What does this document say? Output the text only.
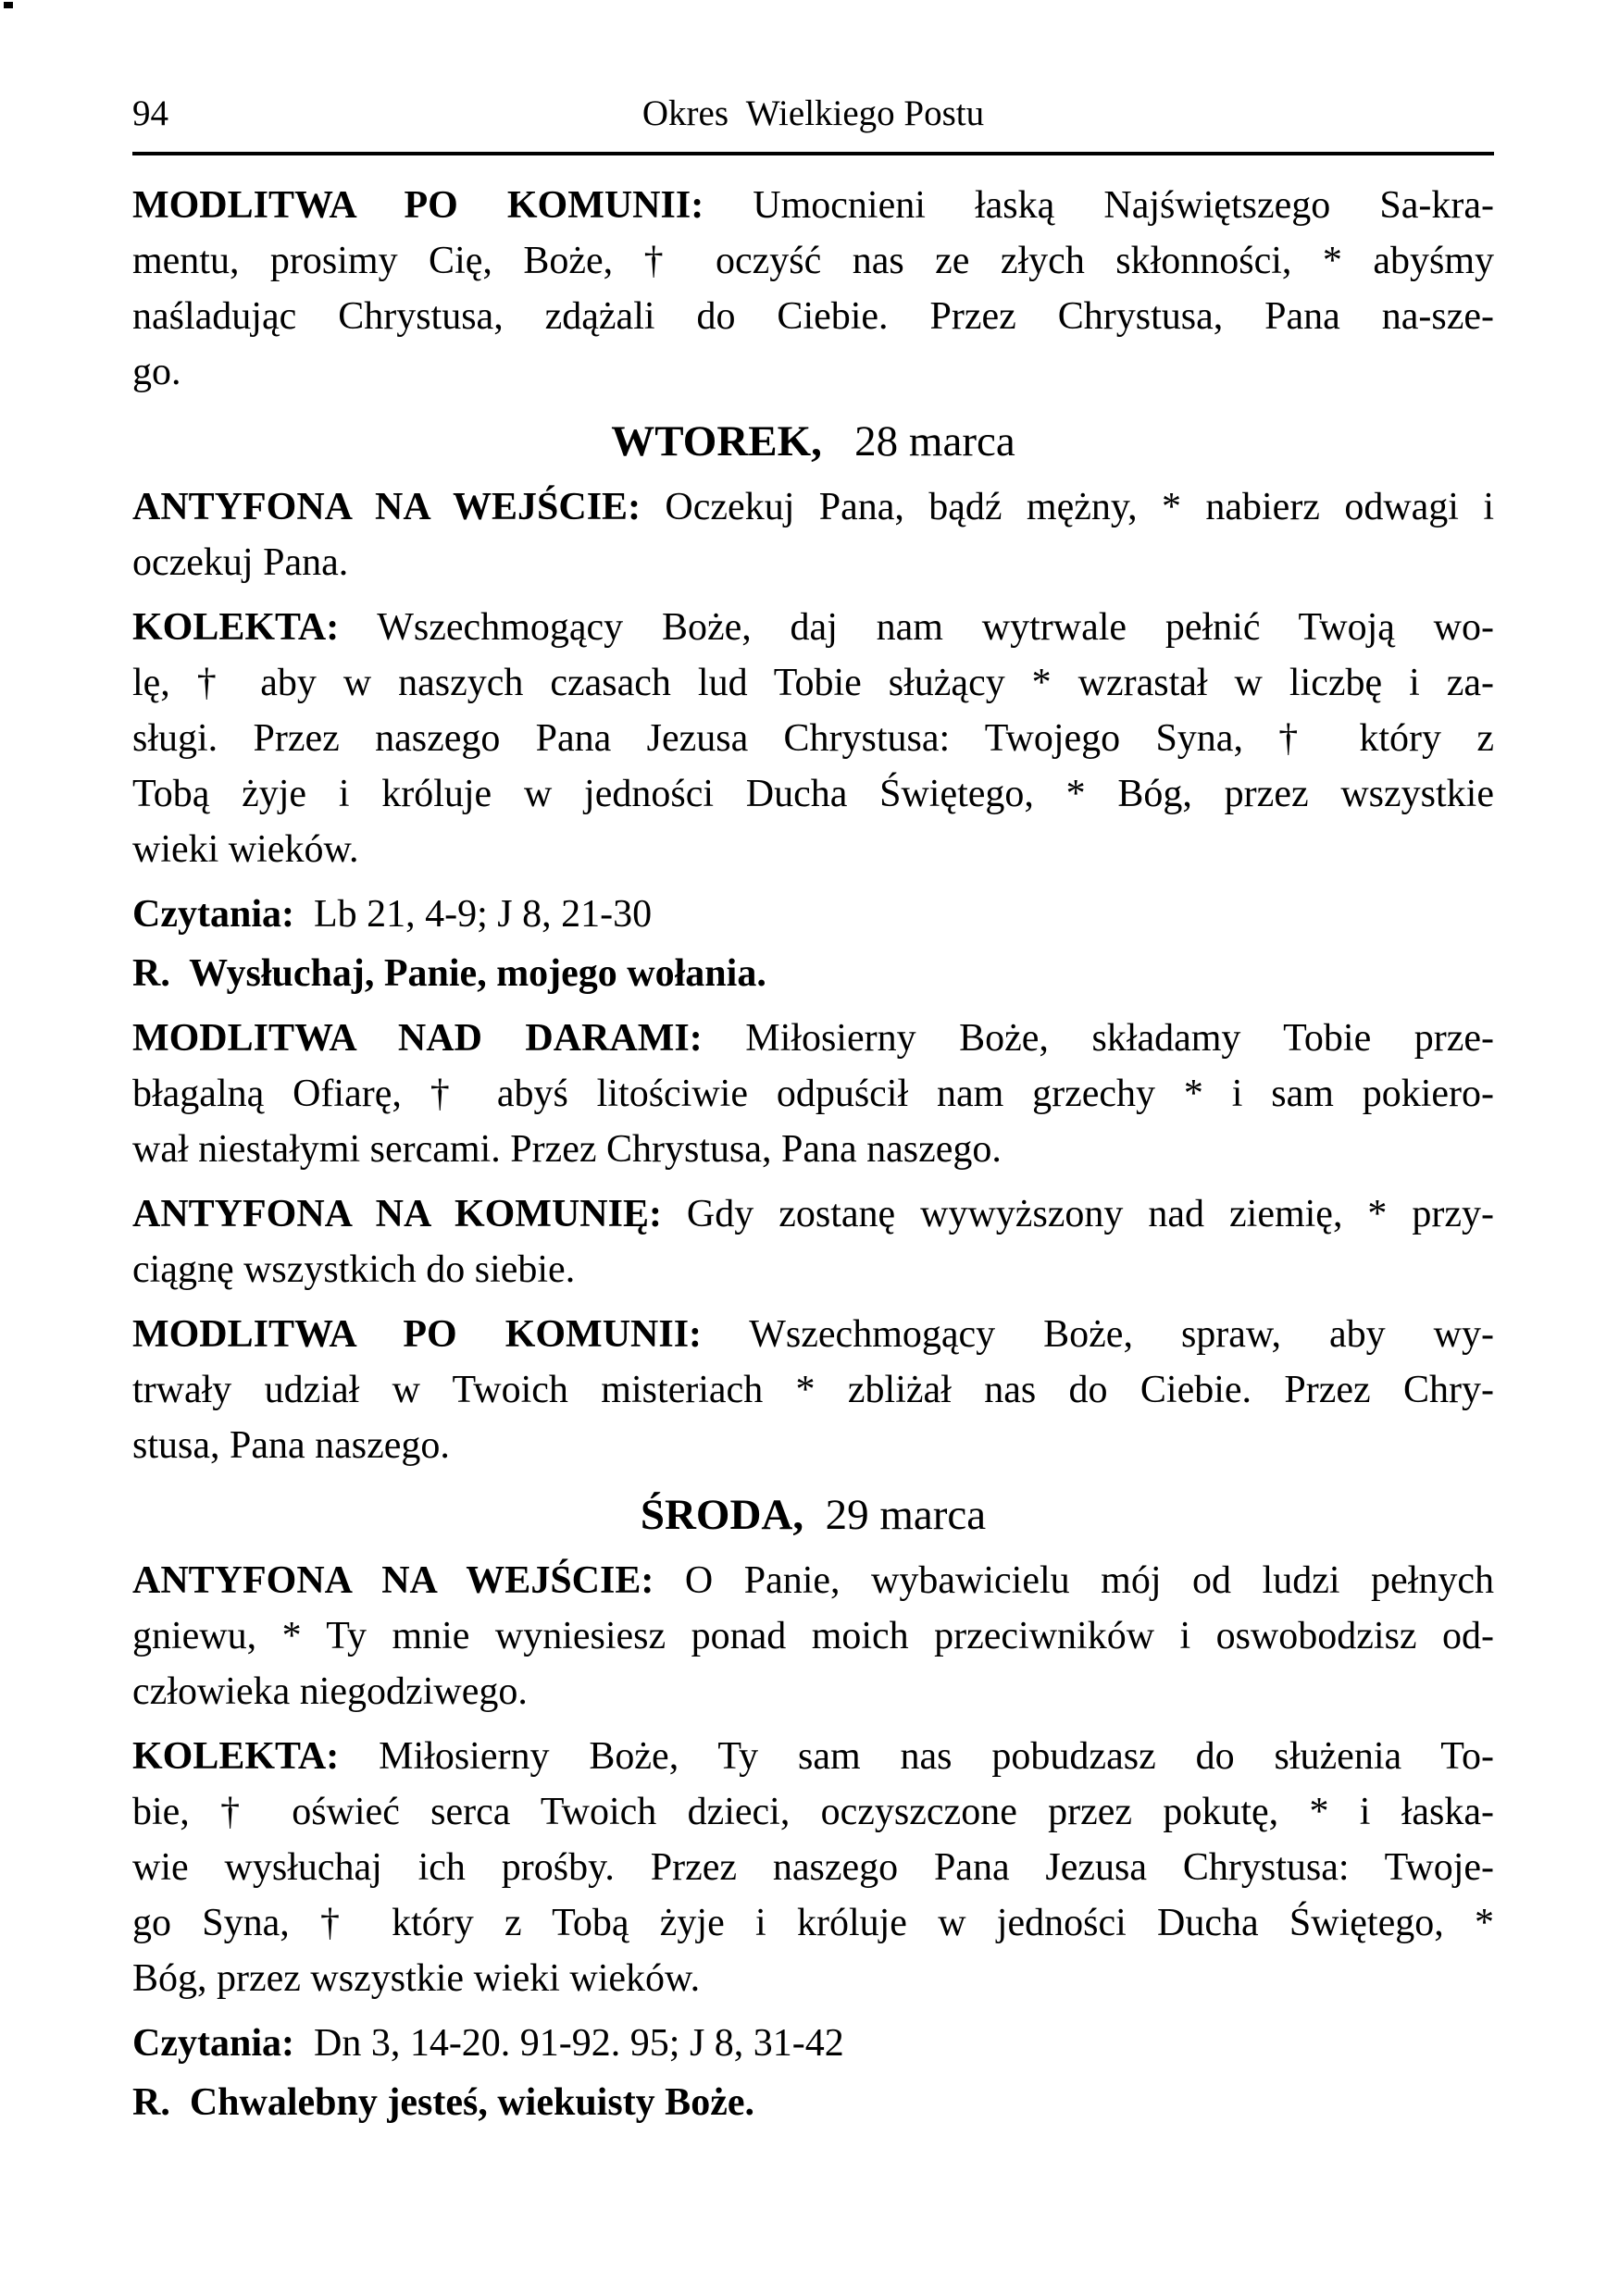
94	Okres  Wielkiego Postu
MODLITWA PO KOMUNII: Umocnieni łaską Najświętszego Sa-kra-
mentu, prosimy Cię, Boże, † oczyść nas ze złych skłonności, * abyśmy
naśladując Chrystusa, zdążali do Ciebie. Przez Chrystusa, Pana na-sze-
go.
WTOREK,   28 marca
ANTYFONA NA WEJŚCIE: Oczekuj Pana, bądź mężny, * nabierz odwagi i
oczekuj Pana.
KOLEKTA: Wszechmogący Boże, daj nam wytrwale pełnić Twoją wo-
lę, † aby w naszych czasach lud Tobie służący * wzrastał w liczbę i za-
sługi. Przez naszego Pana Jezusa Chrystusa: Twojego Syna, † który z
Tobą żyje i króluje w jedności Ducha Świętego, * Bóg, przez wszystkie
wieki wieków.
Czytania:  Lb 21, 4-9; J 8, 21-30
R.  Wysłuchaj, Panie, mojego wołania.
MODLITWA NAD DARAMI: Miłosierny Boże, składamy Tobie prze-
błagalną Ofiarę, † abyś litościwie odpuścił nam grzechy * i sam pokiero-
wał niestałymi sercami. Przez Chrystusa, Pana naszego.
ANTYFONA NA KOMUNIĘ: Gdy zostanę wywyższony nad ziemię, * przy-
ciągnę wszystkich do siebie.
MODLITWA PO KOMUNII: Wszechmogący Boże, spraw, aby wy-
trwały udział w Twoich misteriach * zbliżał nas do Ciebie. Przez Chry-
stusa, Pana naszego.
ŚRODA,  29 marca
ANTYFONA NA WEJŚCIE: O Panie, wybawicielu mój od ludzi pełnych
gniewu, * Ty mnie wyniesiesz ponad moich przeciwników i oswobodzisz od-
człowieka niegodziwego.
KOLEKTA: Miłosierny Boże, Ty sam nas pobudzasz do służenia To-
bie, † oświeć serca Twoich dzieci, oczyszczone przez pokutę, * i łaska-
wie wysłuchaj ich prośby. Przez naszego Pana Jezusa Chrystusa: Twoje-
go Syna, † który z Tobą żyje i króluje w jedności Ducha Świętego, *
Bóg, przez wszystkie wieki wieków.
Czytania:  Dn 3, 14-20. 91-92. 95; J 8, 31-42
R.  Chwalebny jesteś, wiekuisty Boże.
